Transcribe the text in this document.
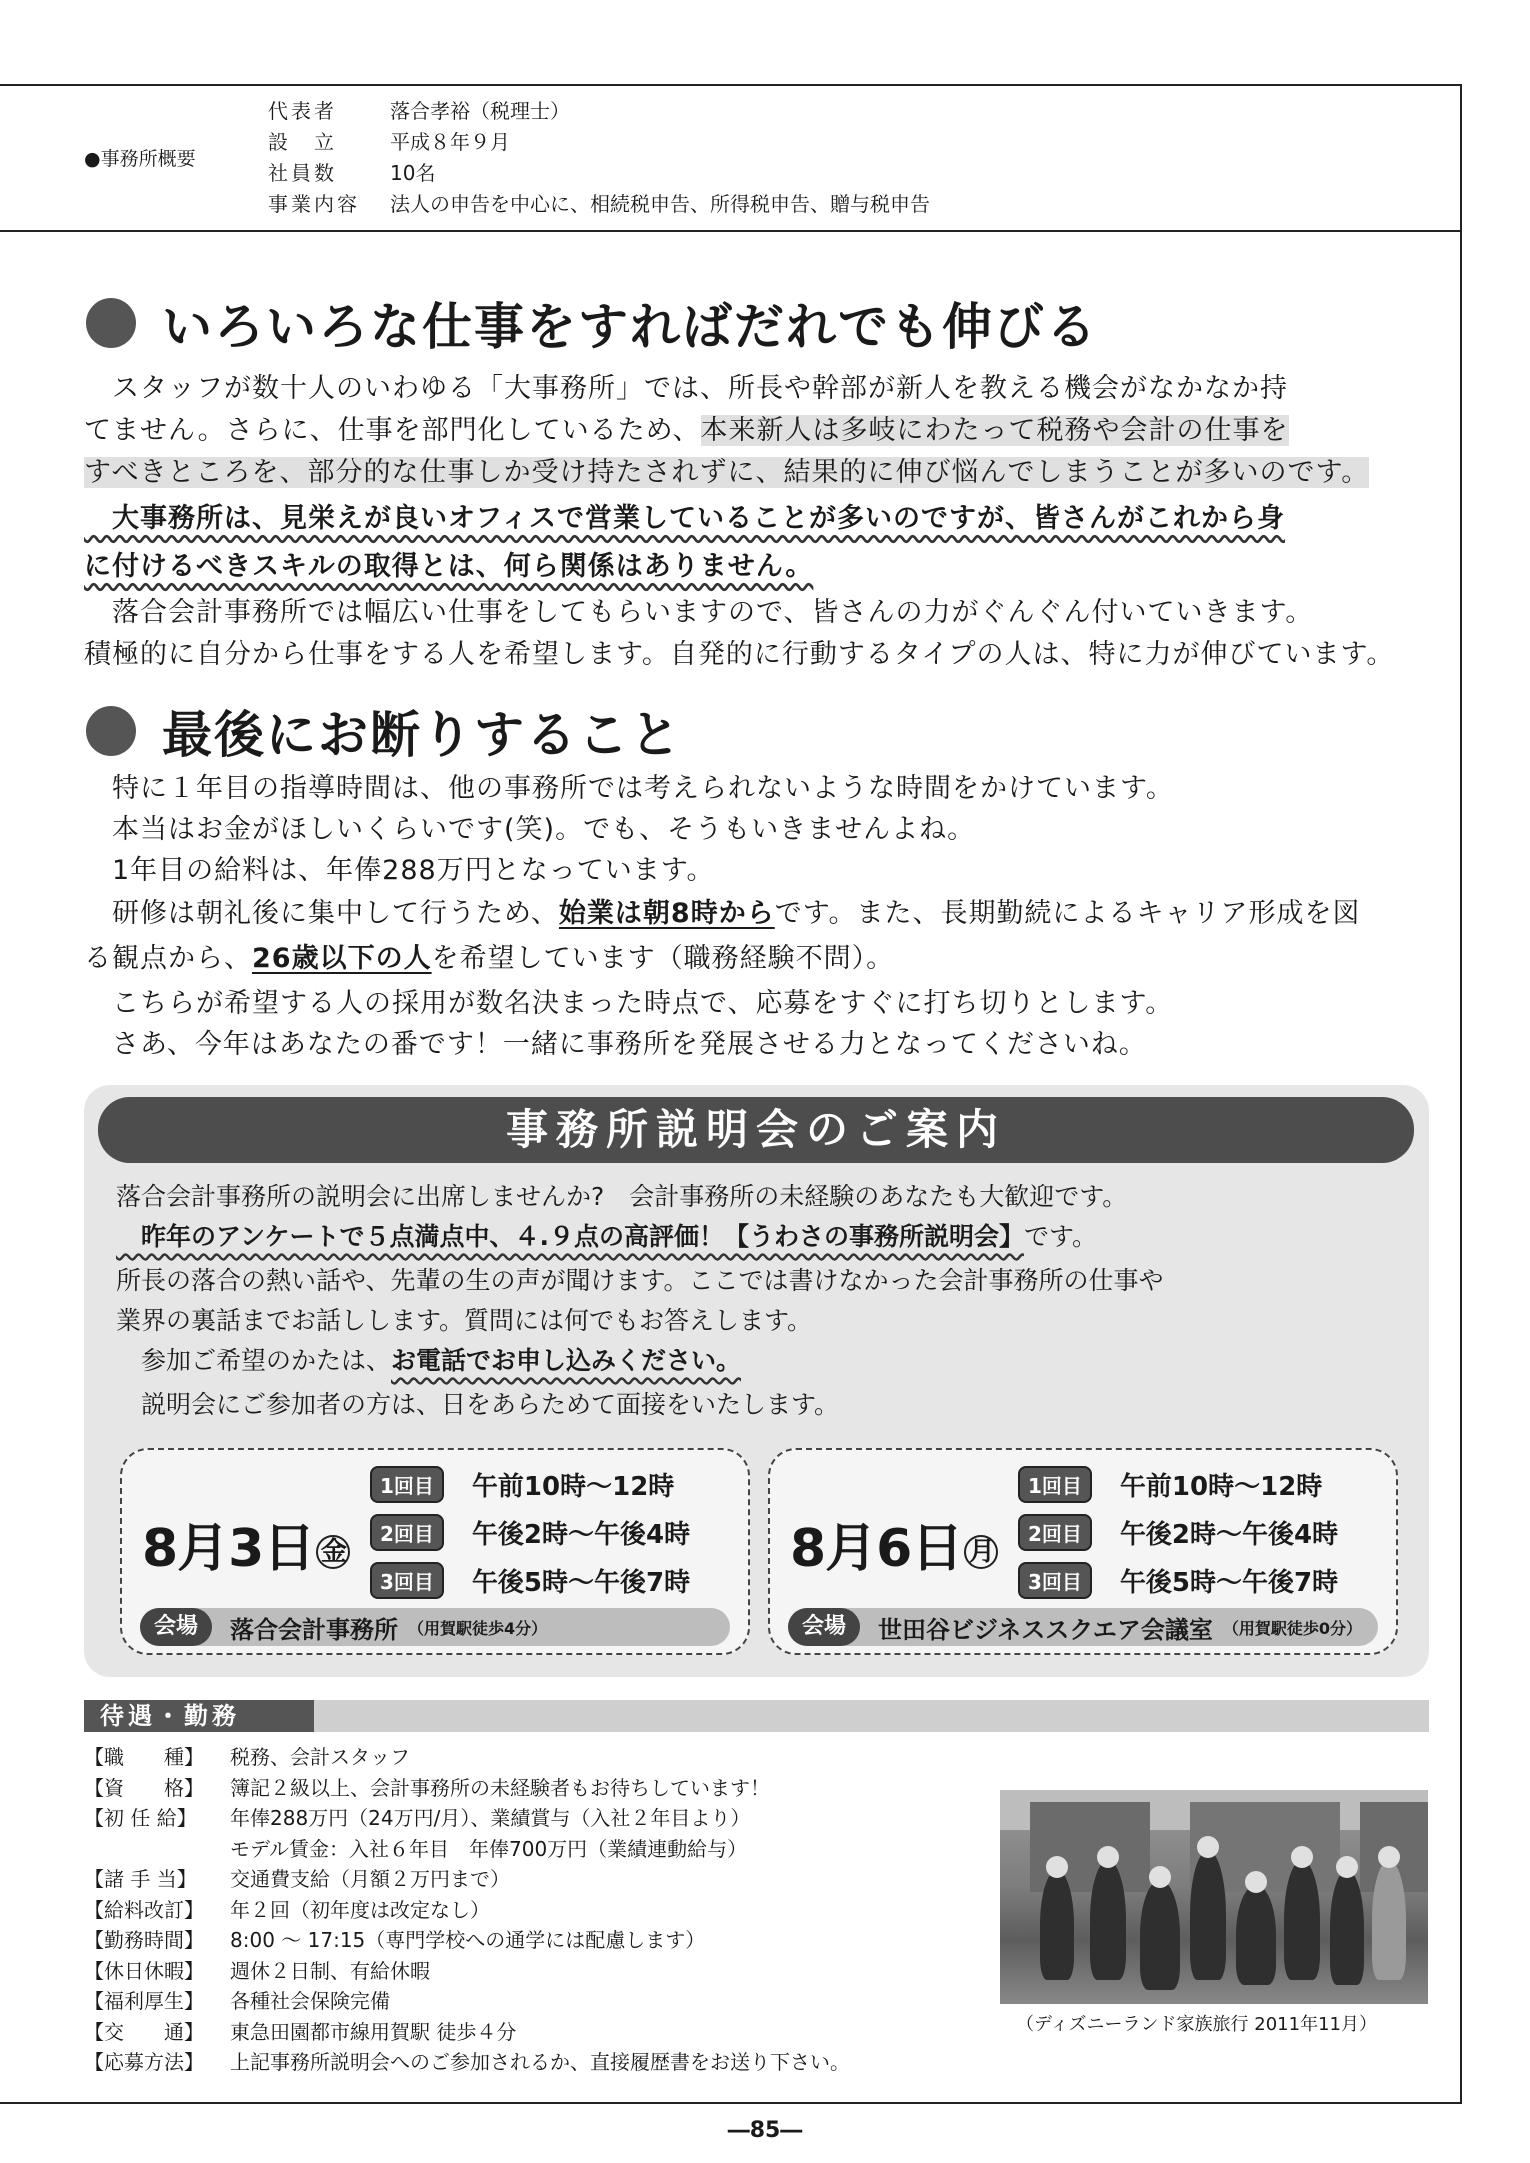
●事務所概要
代表者	落合孝裕（税理士）
設　立	平成８年９月
社員数	10名
事業内容	法人の申告を中心に、相続税申告、所得税申告、贈与税申告
いろいろな仕事をすればだれでも伸びる

　スタッフが数十人のいわゆる「大事務所」では、所長や幹部が新人を教える機会がなかなか持

てません。さらに、仕事を部門化しているため、本来新人は多岐にわたって税務や会計の仕事を

すべきところを、部分的な仕事しか受け持たされずに、結果的に伸び悩んでしまうことが多いのです。

　大事務所は、見栄えが良いオフィスで営業していることが多いのですが、皆さんがこれから身

に付けるべきスキルの取得とは、何ら関係はありません。

　落合会計事務所では幅広い仕事をしてもらいますので、皆さんの力がぐんぐん付いていきます。

積極的に自分から仕事をする人を希望します。自発的に行動するタイプの人は、特に力が伸びています。

最後にお断りすること

　特に１年目の指導時間は、他の事務所では考えられないような時間をかけています。

　本当はお金がほしいくらいです(笑)。でも、そうもいきませんよね。

　1年目の給料は、年俸288万円となっています。

　研修は朝礼後に集中して行うため、始業は朝8時からです。また、長期勤続によるキャリア形成を図

る観点から、26歳以下の人を希望しています（職務経験不問）。

　こちらが希望する人の採用が数名決まった時点で、応募をすぐに打ち切りとします。

　さあ、今年はあなたの番です！一緒に事務所を発展させる力となってくださいね。

事務所説明会のご案内

落合会計事務所の説明会に出席しませんか?　会計事務所の未経験のあなたも大歓迎です。

　昨年のアンケートで５点満点中、４.９点の高評価！【うわさの事務所説明会】です。

所長の落合の熱い話や、先輩の生の声が聞けます。ここでは書けなかった会計事務所の仕事や

業界の裏話までお話しします。質問には何でもお答えします。

　参加ご希望のかたは、お電話でお申し込みください。

　説明会にご参加者の方は、日をあらためて面接をいたします。

8月3日 金
1回目	午前10時～12時
2回目	午後2時～午後4時
3回目	午後5時～午後7時
会場	落合会計事務所 （用賀駅徒歩4分）
8月6日 月
1回目	午前10時～12時
2回目	午後2時～午後4時
3回目	午後5時～午後7時
会場	世田谷ビジネススクエア会議室 （用賀駅徒歩0分）
待遇・勤務
【職　　種】	税務、会計スタッフ
【資　　格】	簿記２級以上、会計事務所の未経験者もお待ちしています！
【初 任 給】	年俸288万円（24万円/月）、業績賞与（入社２年目より）
モデル賃金：入社６年目　年俸700万円（業績連動給与）
【諸 手 当】	交通費支給（月額２万円まで）
【給料改訂】	年２回（初年度は改定なし）
【勤務時間】	8:00 ～ 17:15（専門学校への通学には配慮します）
【休日休暇】	週休２日制、有給休暇
【福利厚生】	各種社会保険完備
【交　　通】	東急田園都市線用賀駅 徒歩４分
【応募方法】	上記事務所説明会へのご参加されるか、直接履歴書をお送り下さい。
（ディズニーランド家族旅行 2011年11月）
―85―
